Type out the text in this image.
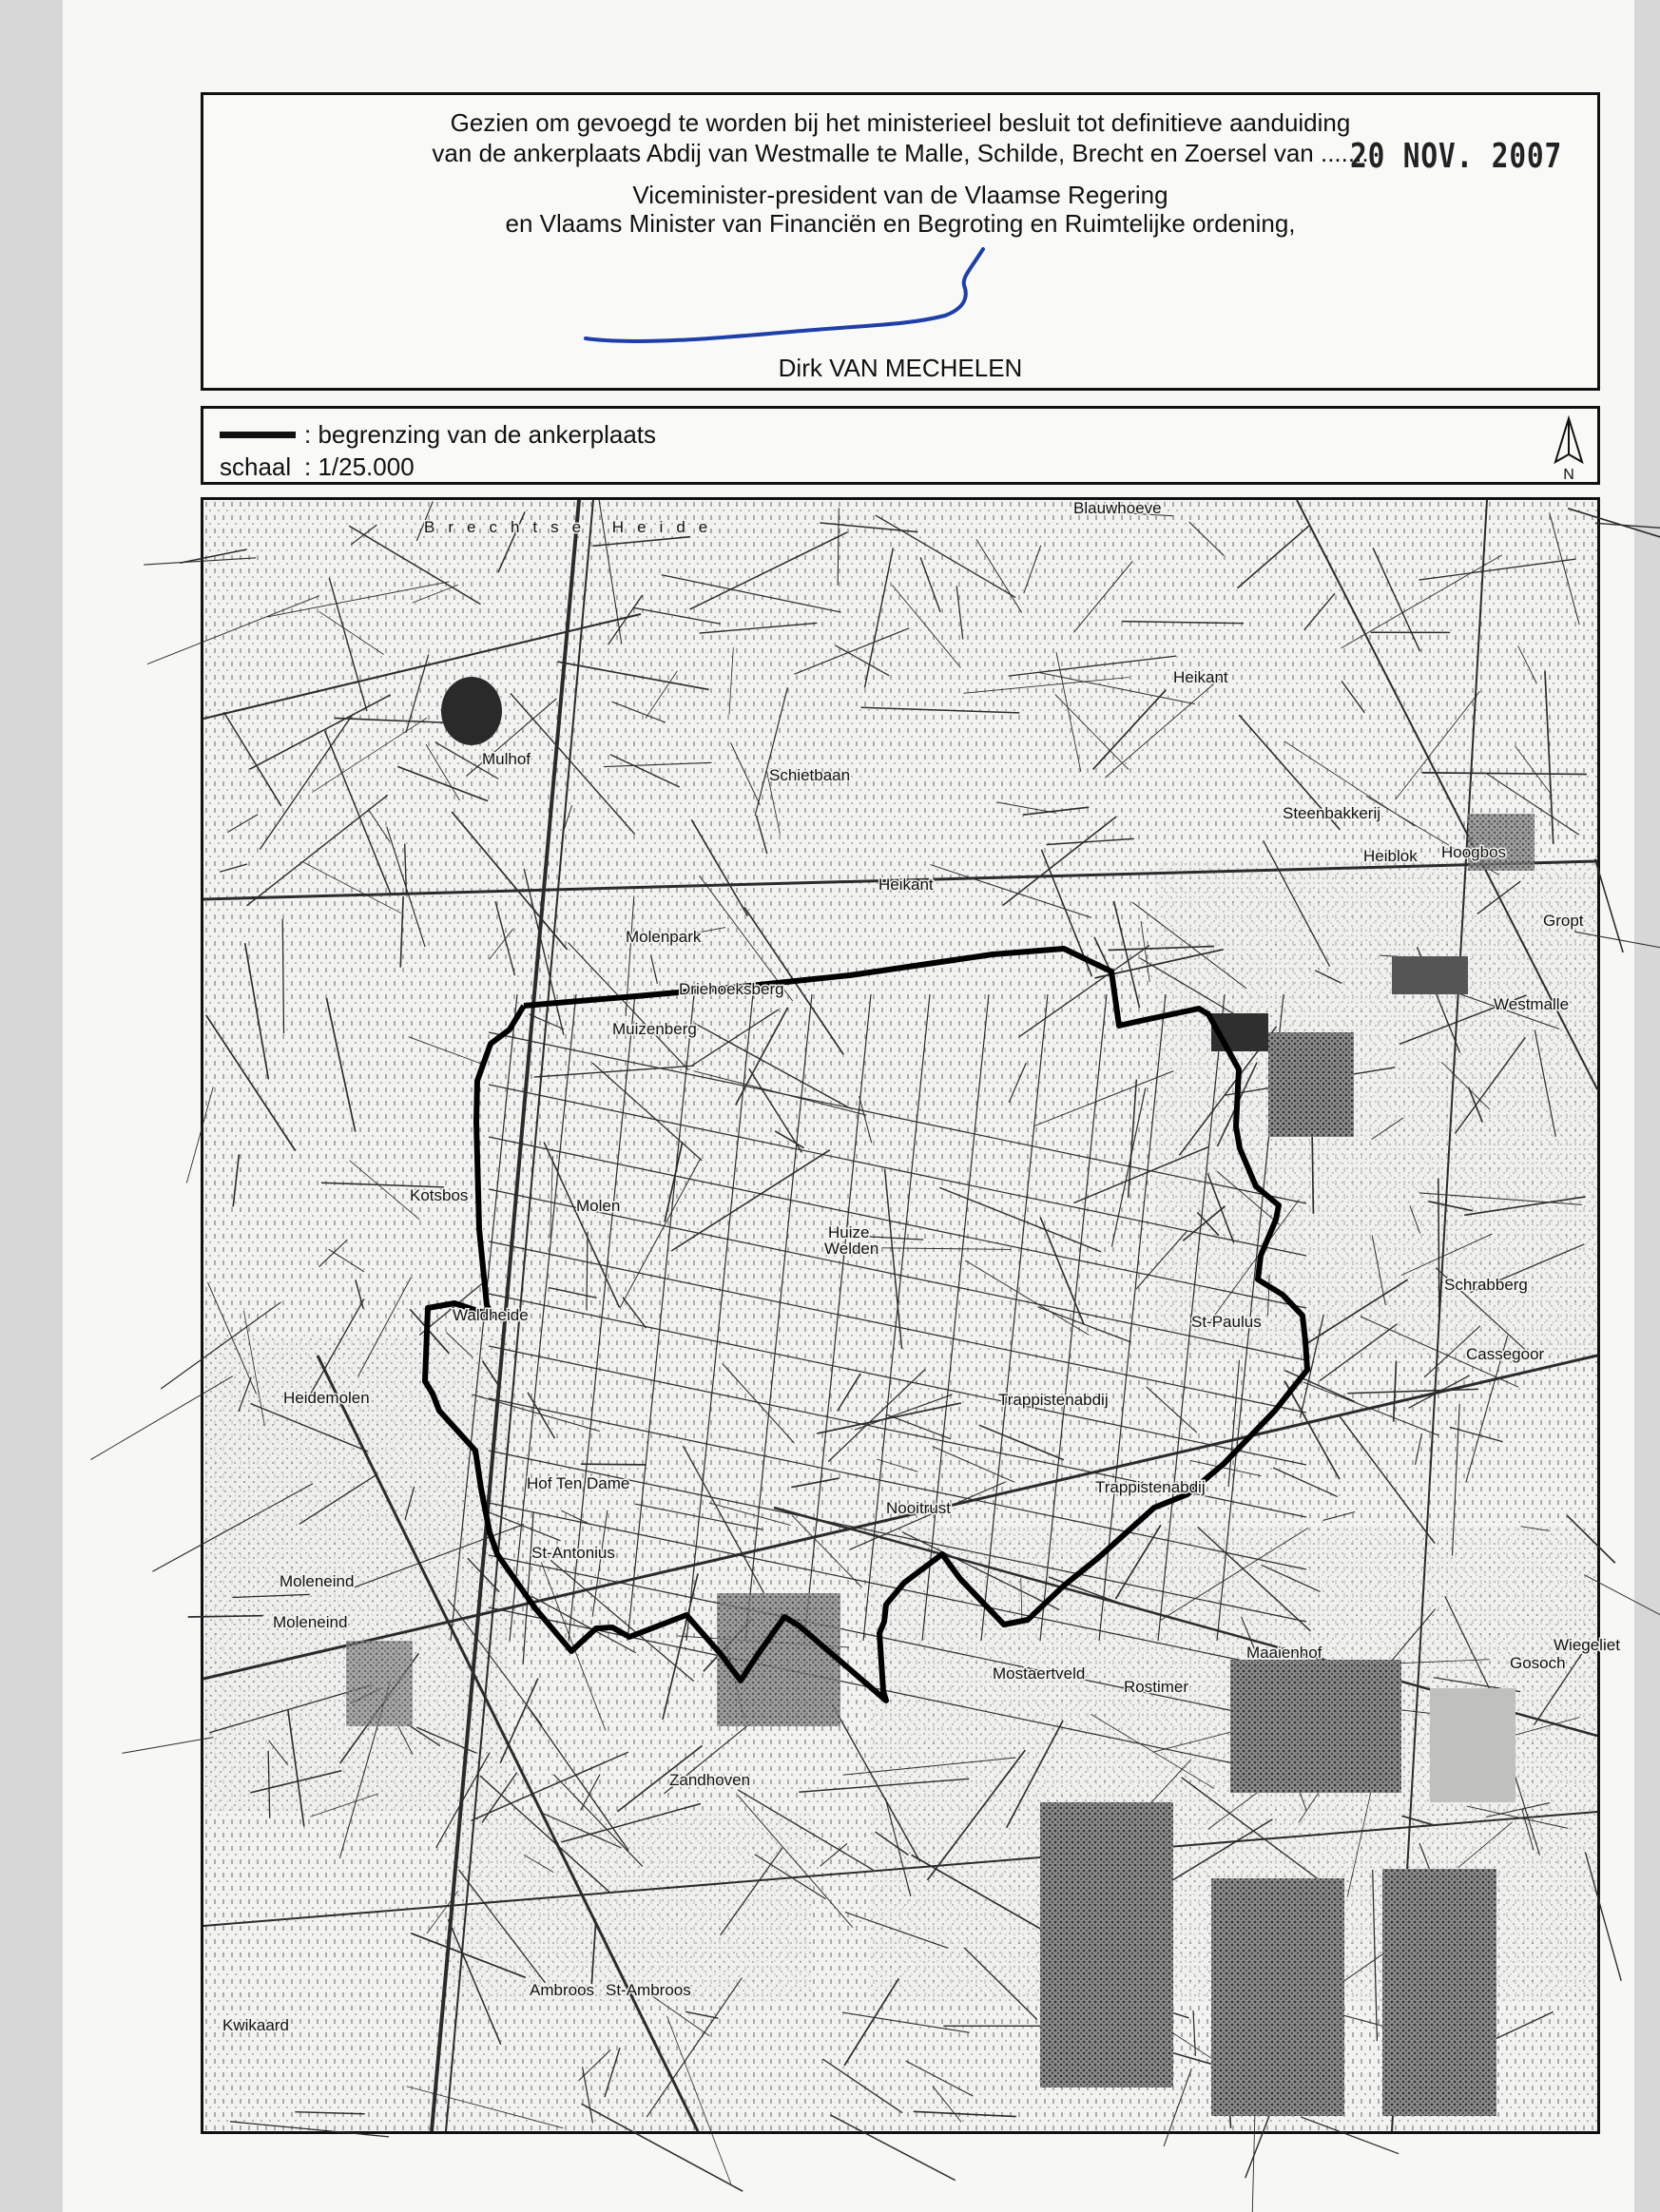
Gezien om gevoegd te worden bij het ministerieel besluit tot definitieve aanduiding
van de ankerplaats Abdij van Westmalle te Malle, Schilde, Brecht en Zoersel van .......
20 NOV. 2007
Viceminister-president van de Vlaamse Regering
en Vlaams Minister van Financiën en Begroting en Ruimtelijke ordening,
Dirk VAN MECHELEN
: begrenzing van de ankerplaats
schaal : 1/25.000	N
Brechtse Heide
Blauwhoeve
Heikant
Heikant
Heiblok Hoogbos
Steenbakkerij
Gropt
Westmalle
Driehoeksberg
Molenpark
Muizenberg
Mulhof
Schietbaan
Kotsbos
Huize
Welden
St-Paulus
Schrabberg
Cassegoor
Trappistenabdij
Trappistenabdij
Nooitrust
Heidemolen
St-Antonius
Moleneind
Moleneind
Mostaertveld
Maaienhof
Rostimer
Gosoch
Ambroos St-Ambroos
Kwikaard
Zandhoven
Wiegeliet
Molen
Waldheide
Hof Ten Dame
